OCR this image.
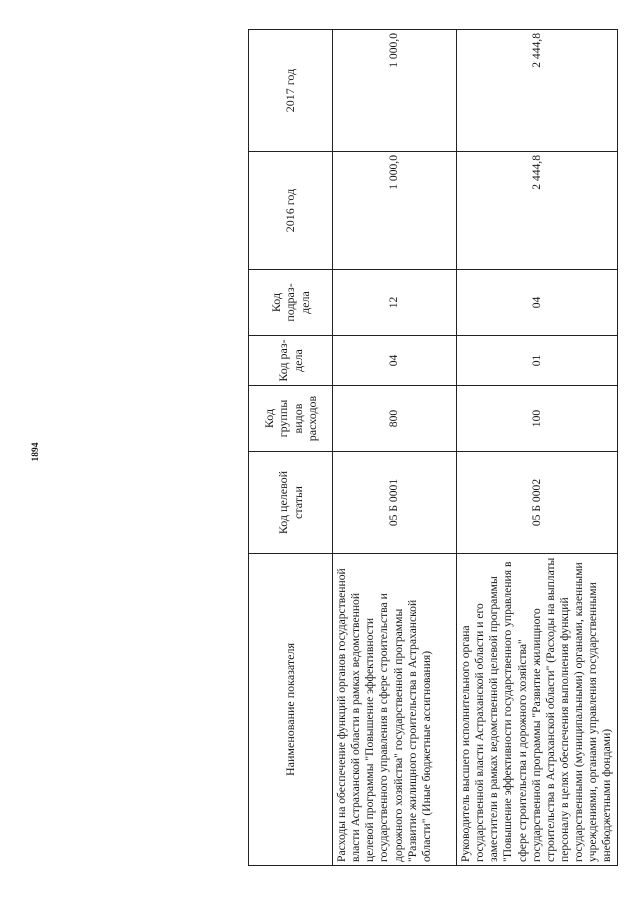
1894
Наименование показателя	Код целевой статьи	Код группы видов расходов	Код раз-дела	Код подраз-дела	2016 год	2017 год
Расходы на обеспечение функций органов государственной власти Астраханской области в рамках ведомственной целевой программы "Повышение эффективности государственного управления в сфере строительства и дорожного хозяйства" государственной программы "Развитие жилищного строительства в Астраханской области" (Иные бюджетные ассигнования)	05 Б 0001	800	04	12	1 000,0	1 000,0
Руководитель высшего исполнительного органа государственной власти Астраханской области и его заместители в рамках ведомственной целевой программы "Повышение эффективности государственного управления в сфере строительства и дорожного хозяйства" государственной программы "Развитие жилищного строительства в Астраханской области" (Расходы на выплаты персоналу в целях обеспечения выполнения функций государственными (муниципальными) органами, казенными учреждениями, органами управления государственными внебюджетными фондами)	05 Б 0002	100	01	04	2 444,8	2 444,8
